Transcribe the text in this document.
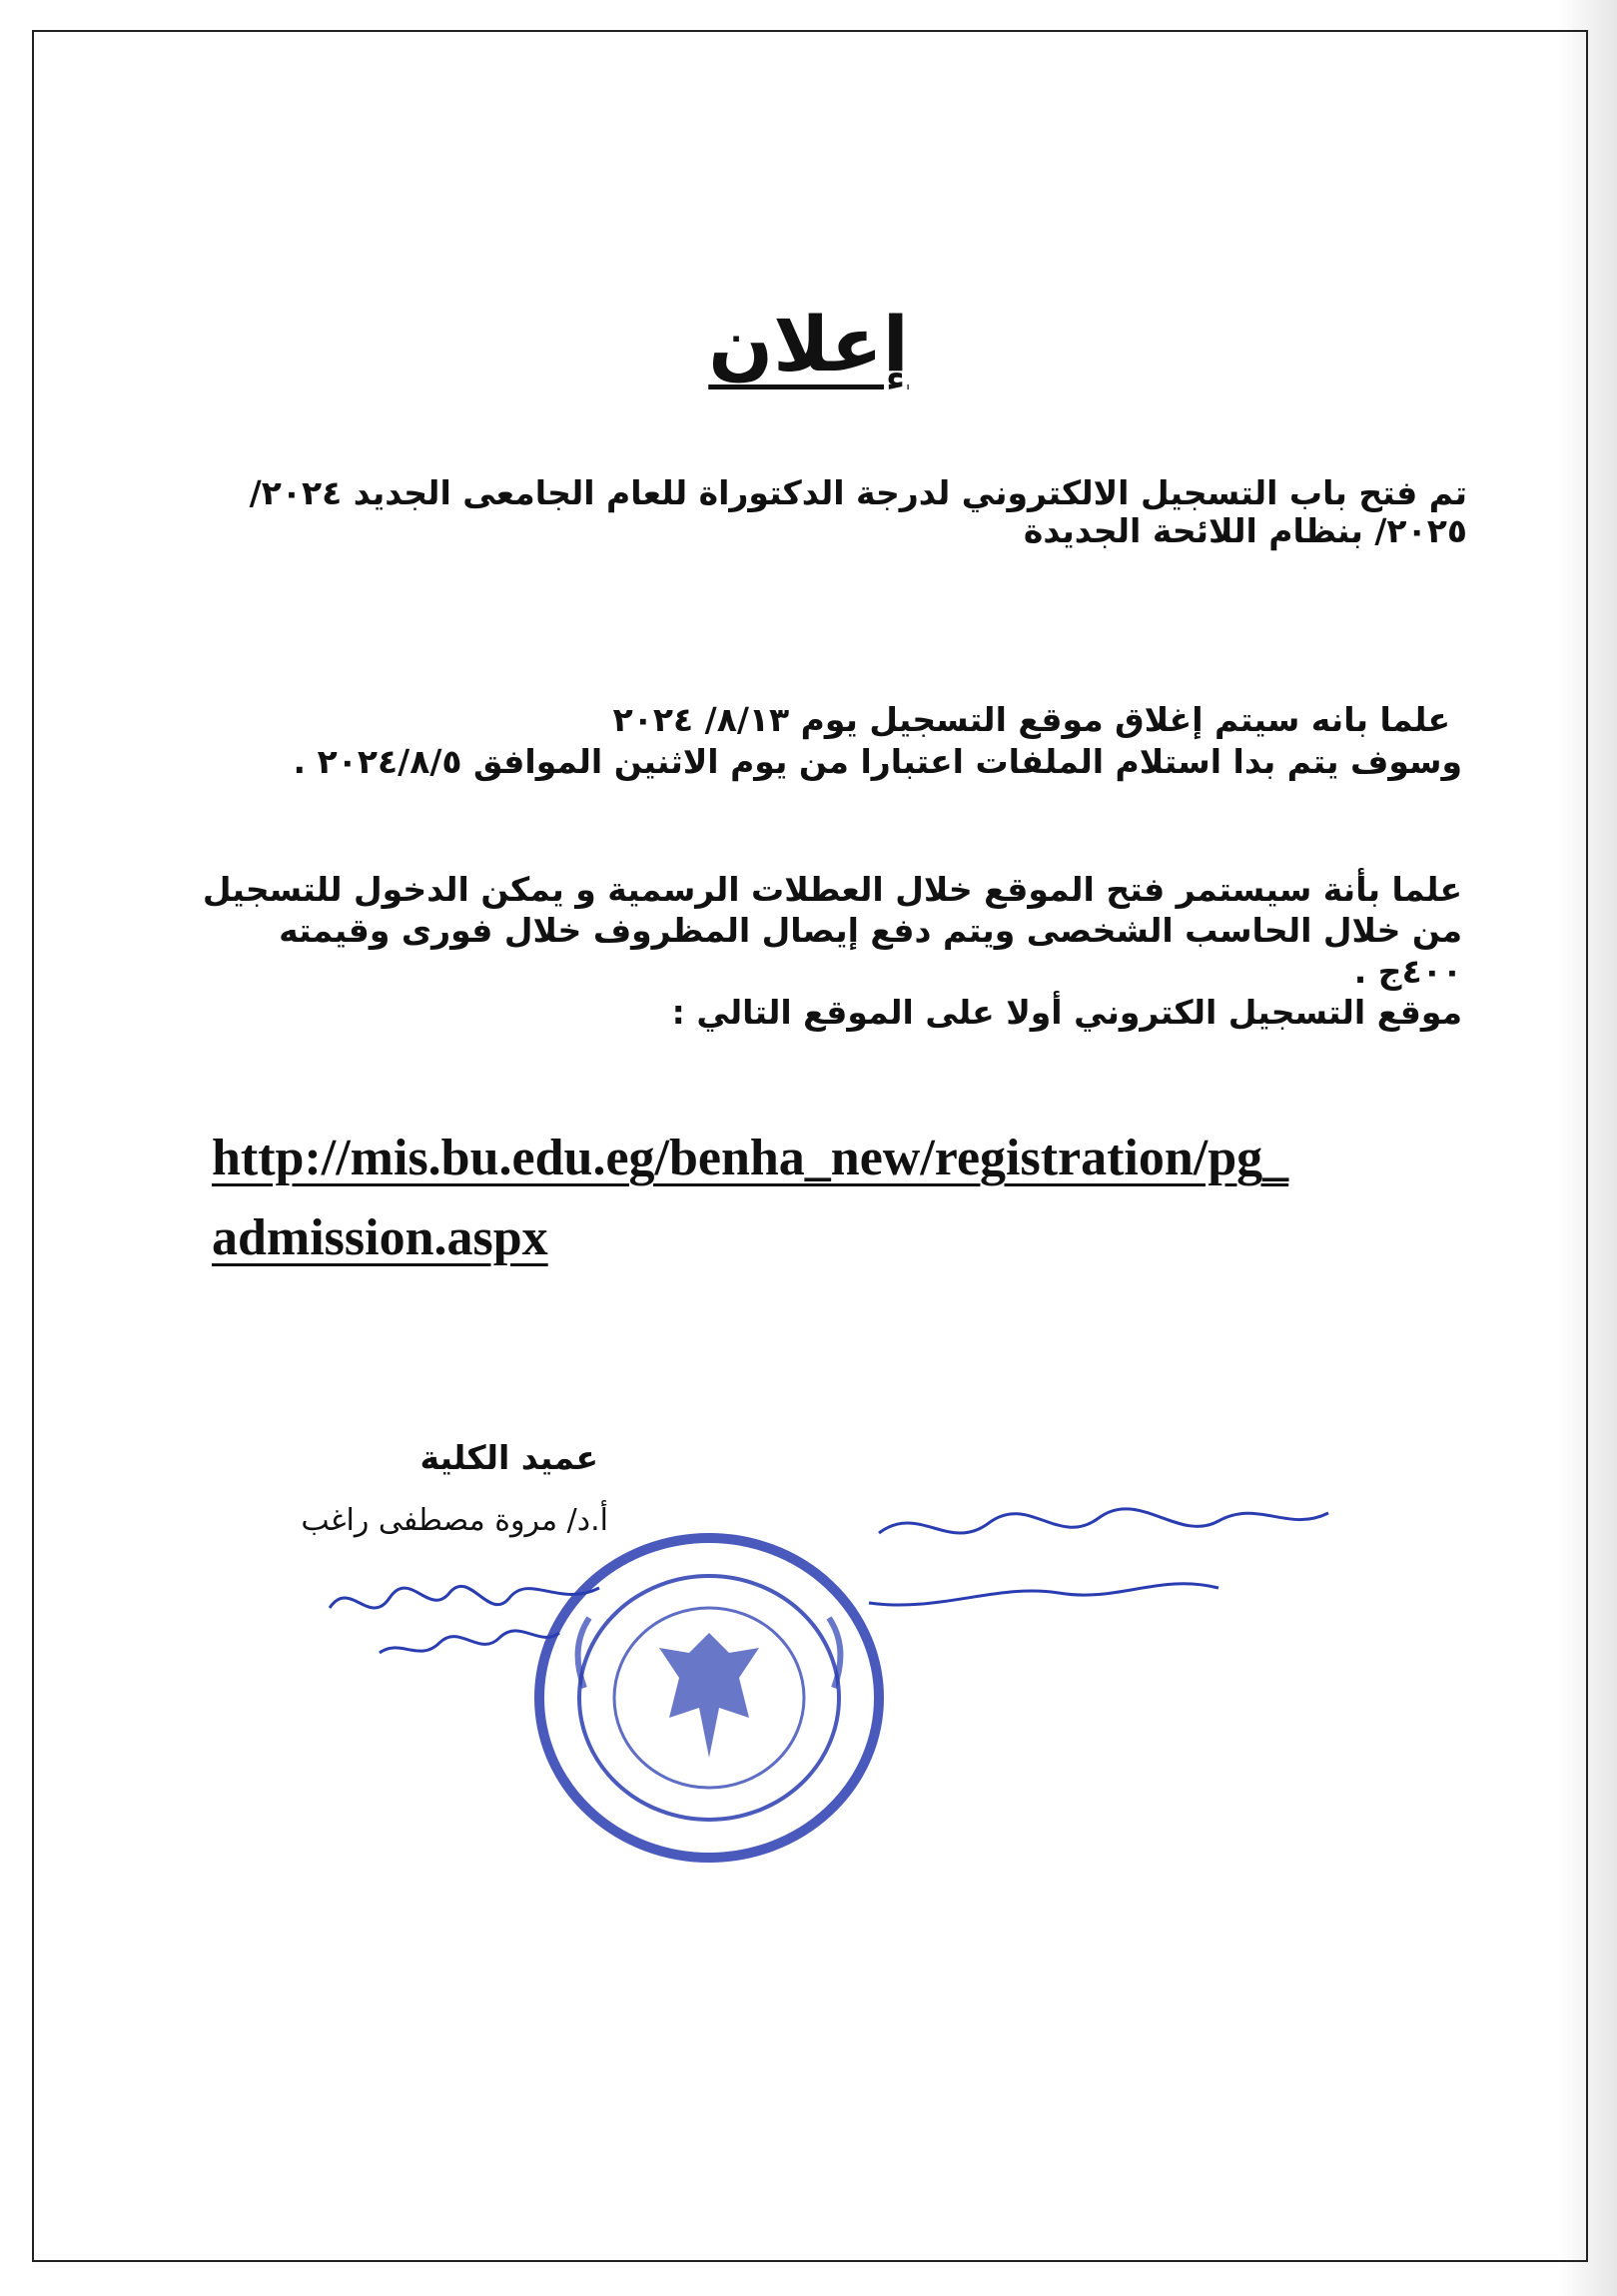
إعلان
تم فتح باب التسجيل الالكتروني لدرجة الدكتوراة للعام الجامعى الجديد ٢٠٢٤/
٢٠٢٥/ بنظام اللائحة الجديدة
علما بانه سيتم إغلاق موقع التسجيل يوم ٨/١٣/ ٢٠٢٤
وسوف يتم بدا استلام الملفات اعتبارا من يوم الاثنين الموافق ٢٠٢٤/٨/٥ .
علما بأنة سيستمر فتح الموقع خلال العطلات الرسمية و يمكن الدخول للتسجيل
من خلال الحاسب الشخصى ويتم دفع إيصال المظروف خلال فورى وقيمته
٤٠٠ج .
موقع التسجيل الكتروني أولا على الموقع التالي :
http://mis.bu.edu.eg/benha_new/registration/pg_
admission.aspx
عميد الكلية
أ.د/ مروة مصطفى راغب
